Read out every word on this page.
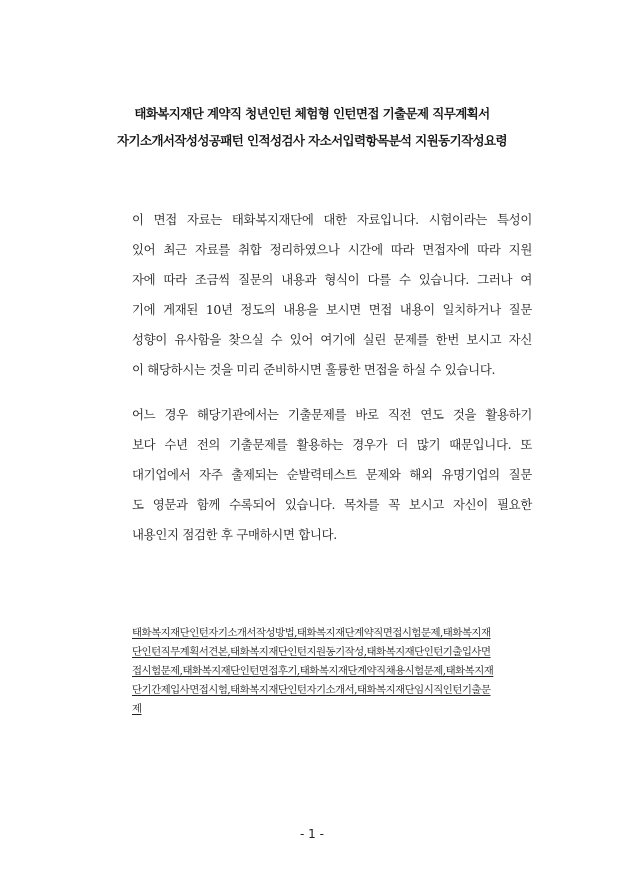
태화복지재단 계약직 청년인턴 체험형 인턴면접 기출문제 직무계획서
자기소개서작성성공패턴 인적성검사 자소서입력항목분석 지원동기작성요령
이 면접 자료는 태화복지재단에 대한 자료입니다. 시험이라는 특성이
있어 최근 자료를 취합 정리하였으나 시간에 따라 면접자에 따라 지원
자에 따라 조금씩 질문의 내용과 형식이 다를 수 있습니다. 그러나 여
기에 게재된 10년 정도의 내용을 보시면 면접 내용이 일치하거나 질문
성향이 유사함을 찾으실 수 있어 여기에 실린 문제를 한번 보시고 자신
이 해당하시는 것을 미리 준비하시면 훌륭한 면접을 하실 수 있습니다.
어느 경우 해당기관에서는 기출문제를 바로 직전 연도 것을 활용하기
보다 수년 전의 기출문제를 활용하는 경우가 더 많기 때문입니다. 또
대기업에서 자주 출제되는 순발력테스트 문제와 해외 유명기업의 질문
도 영문과 함께 수록되어 있습니다. 목차를 꼭 보시고 자신이 필요한
내용인지 점검한 후 구매하시면 합니다.
태화복지재단인턴자기소개서작성방법,태화복지재단계약직면접시험문제,태화복지재
단인턴직무계획서견본,태화복지재단인턴지원동기작성,태화복지재단인턴기출입사면
접시험문제,태화복지재단인턴면접후기,태화복지재단계약직채용시험문제,태화복지재
단기간제입사면접시험,태화복지재단인턴자기소개서,태화복지재단임시직인턴기출문
제
- 1 -
